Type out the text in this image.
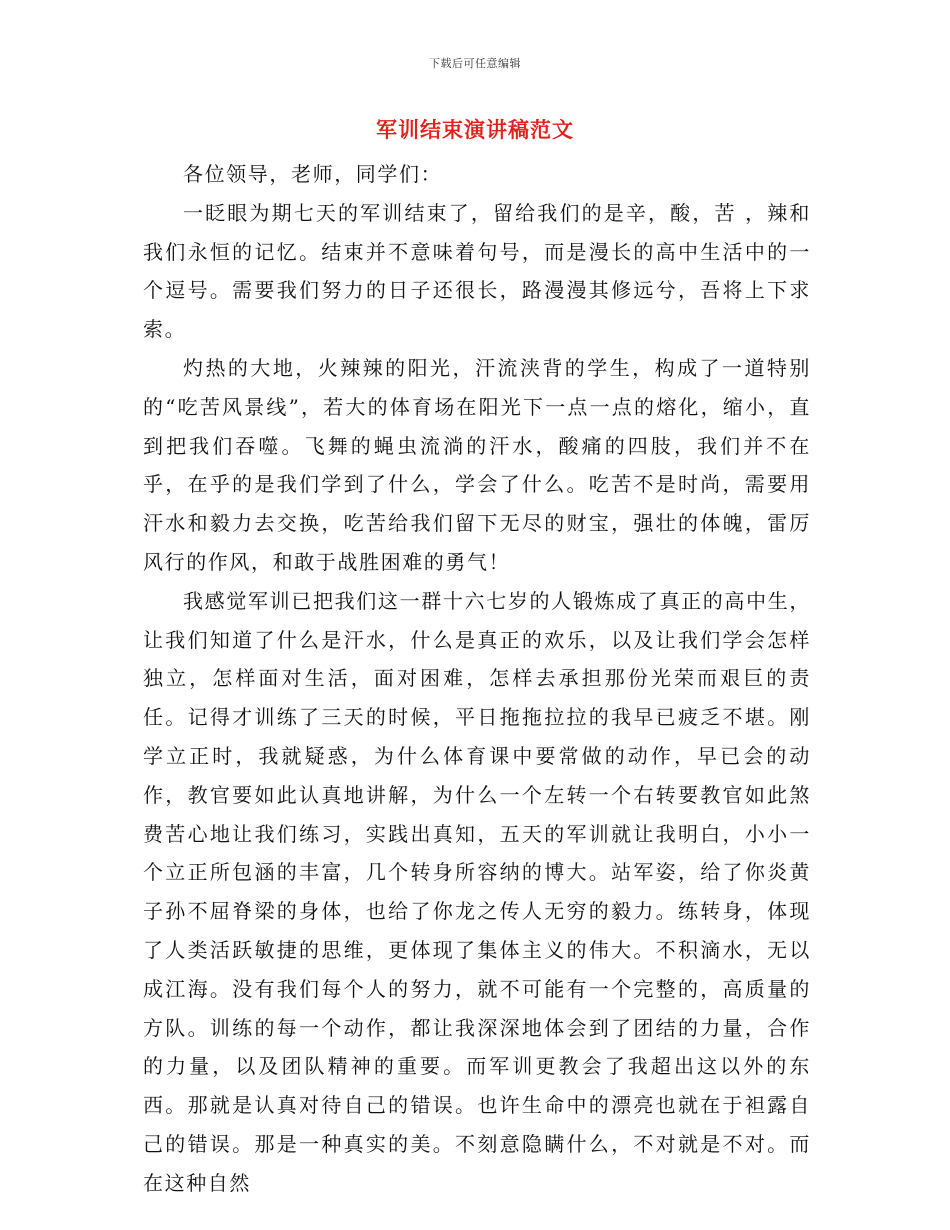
下载后可任意编辑
军训结束演讲稿范文

各位领导，老师，同学们：

一眨眼为期七天的军训结束了，留给我们的是辛，酸，苦 ，辣和我们永恒的记忆。结束并不意味着句号，而是漫长的高中生活中的一个逗号。需要我们努力的日子还很长，路漫漫其修远兮，吾将上下求索。

灼热的大地，火辣辣的阳光，汗流浃背的学生，构成了一道特别的“吃苦风景线”，若大的体育场在阳光下一点一点的熔化，缩小，直到把我们吞噬。飞舞的蝇虫流淌的汗水，酸痛的四肢，我们并不在乎，在乎的是我们学到了什么，学会了什么。吃苦不是时尚，需要用汗水和毅力去交换，吃苦给我们留下无尽的财宝，强壮的体魄，雷厉风行的作风，和敢于战胜困难的勇气！

我感觉军训已把我们这一群十六七岁的人锻炼成了真正的高中生，让我们知道了什么是汗水，什么是真正的欢乐，以及让我们学会怎样独立，怎样面对生活，面对困难，怎样去承担那份光荣而艰巨的责任。记得才训练了三天的时候，平日拖拖拉拉的我早已疲乏不堪。刚学立正时，我就疑惑，为什么体育课中要常做的动作，早已会的动作，教官要如此认真地讲解，为什么一个左转一个右转要教官如此煞费苦心地让我们练习，实践出真知，五天的军训就让我明白，小小一个立正所包涵的丰富，几个转身所容纳的博大。站军姿，给了你炎黄子孙不屈脊梁的身体，也给了你龙之传人无穷的毅力。练转身，体现了人类活跃敏捷的思维，更体现了集体主义的伟大。不积滴水，无以成江海。没有我们每个人的努力，就不可能有一个完整的，高质量的方队。训练的每一个动作，都让我深深地体会到了团结的力量，合作的力量，以及团队精神的重要。而军训更教会了我超出这以外的东西。那就是认真对待自己的错误。也许生命中的漂亮也就在于袒露自己的错误。那是一种真实的美。不刻意隐瞒什么，不对就是不对。而在这种自然
